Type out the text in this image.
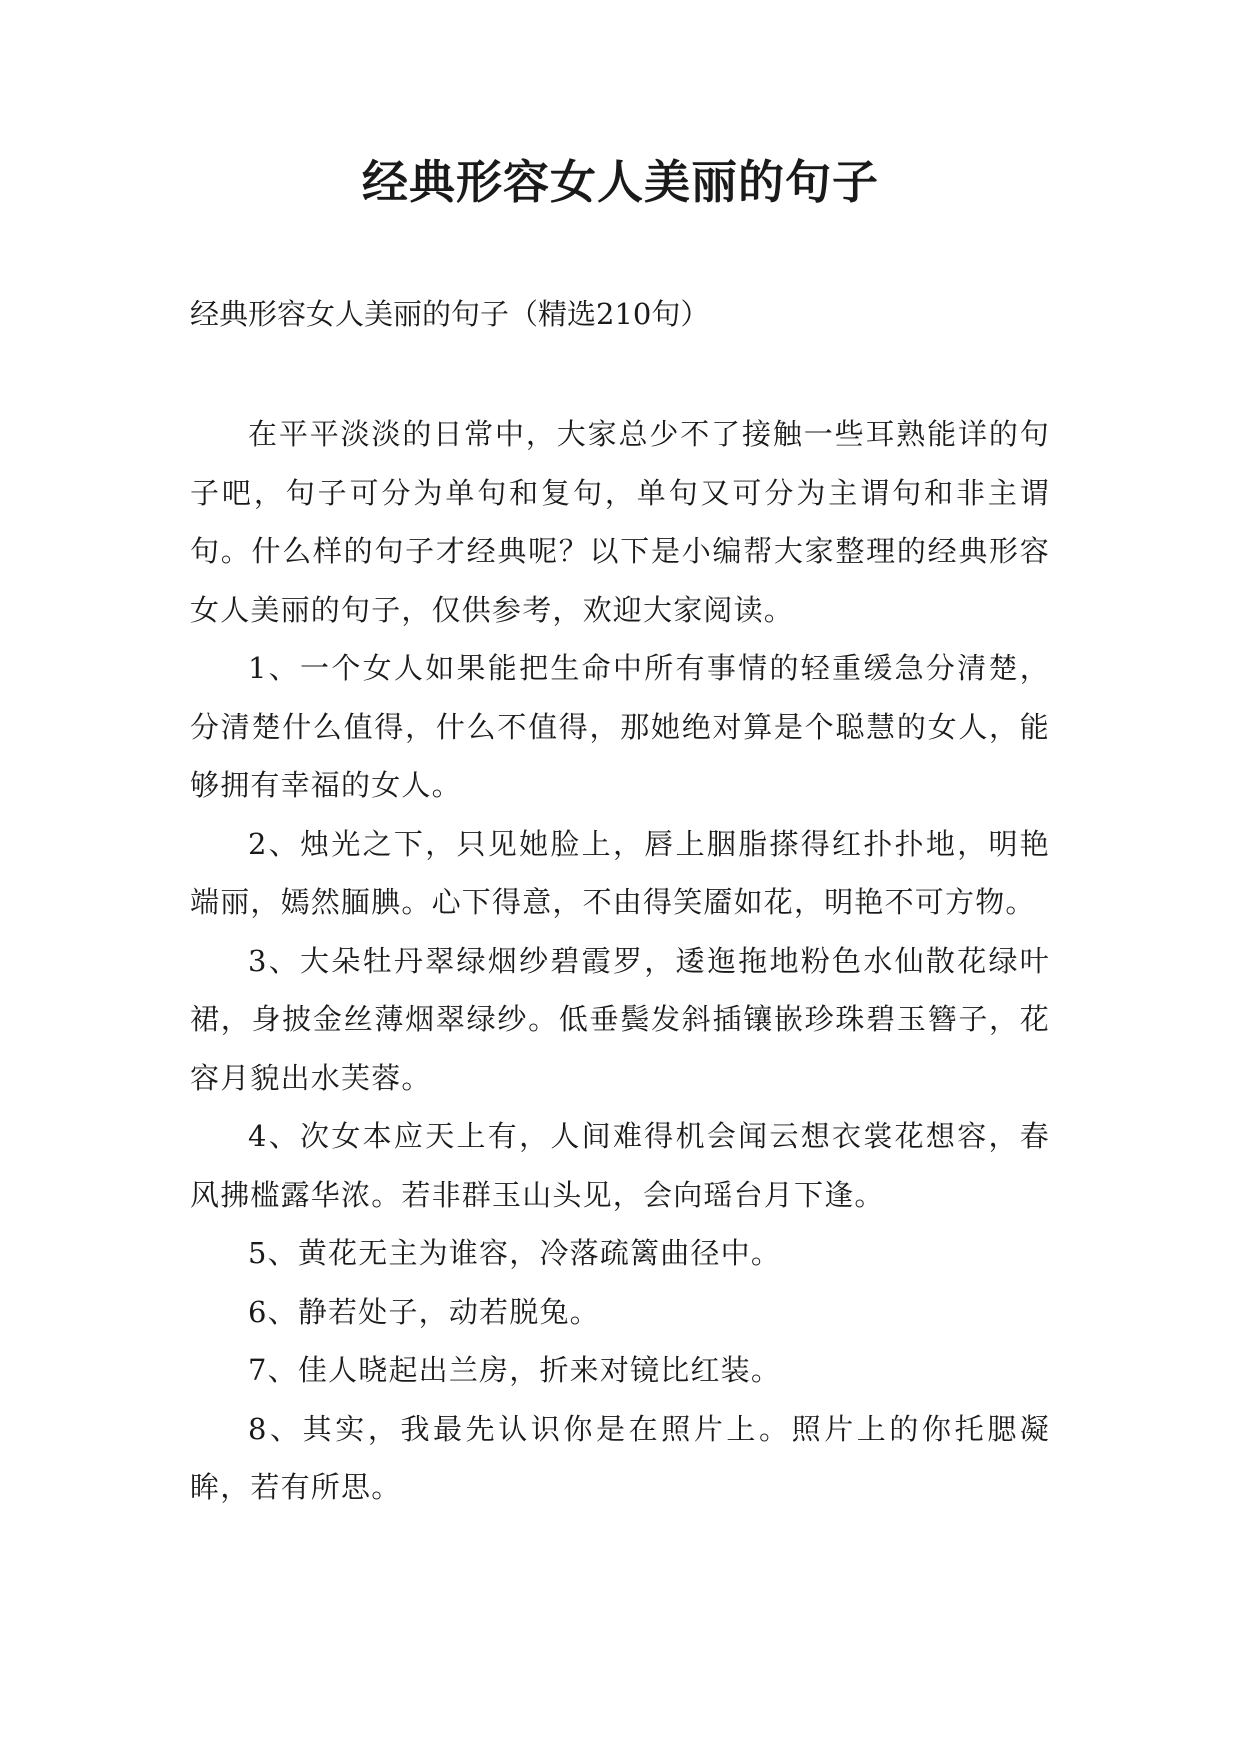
经典形容女人美丽的句子

经典形容女人美丽的句子（精选210句）

在平平淡淡的日常中，大家总少不了接触一些耳熟能详的句子吧，句子可分为单句和复句，单句又可分为主谓句和非主谓句。什么样的句子才经典呢？以下是小编帮大家整理的经典形容女人美丽的句子，仅供参考，欢迎大家阅读。

1、一个女人如果能把生命中所有事情的轻重缓急分清楚，分清楚什么值得，什么不值得，那她绝对算是个聪慧的女人，能够拥有幸福的女人。

2、烛光之下，只见她脸上，唇上胭脂搽得红扑扑地，明艳端丽，嫣然腼腆。心下得意，不由得笑靥如花，明艳不可方物。

3、大朵牡丹翠绿烟纱碧霞罗，逶迤拖地粉色水仙散花绿叶裙，身披金丝薄烟翠绿纱。低垂鬓发斜插镶嵌珍珠碧玉簪子，花容月貌出水芙蓉。

4、次女本应天上有，人间难得机会闻云想衣裳花想容，春风拂槛露华浓。若非群玉山头见，会向瑶台月下逢。

5、黄花无主为谁容，冷落疏篱曲径中。

6、静若处子，动若脱兔。

7、佳人晓起出兰房，折来对镜比红装。

8、其实，我最先认识你是在照片上。照片上的你托腮凝眸，若有所思。
